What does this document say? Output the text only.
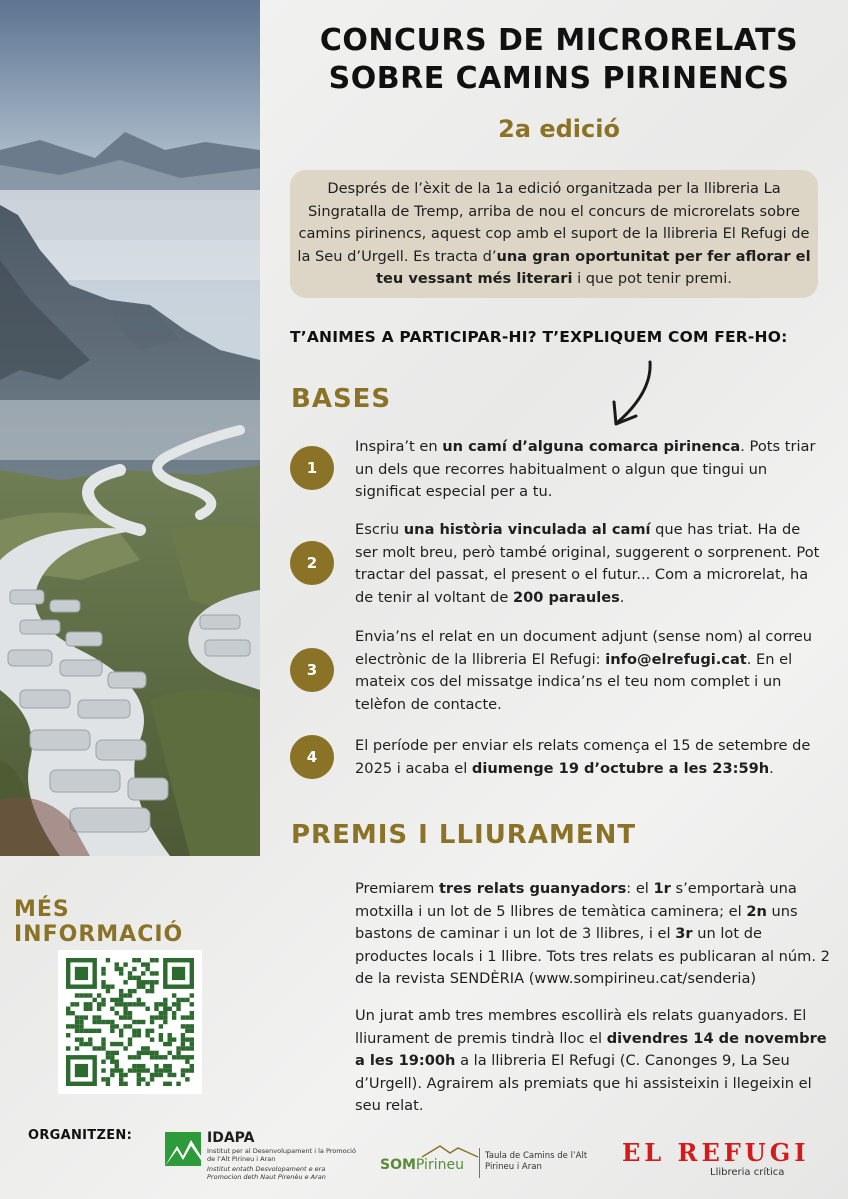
CONCURS DE MICRORELATS
SOBRE CAMINS PIRINENCS
2a edició
Després de l’èxit de la 1a edició organitzada per la llibreria La Singratalla de Tremp, arriba de nou el concurs de microrelats sobre camins pirinencs, aquest cop amb el suport de la llibreria El Refugi de la Seu d’Urgell. Es tracta d’una gran oportunitat per fer aflorar el teu vessant més literari i que pot tenir premi.
T’ANIMES A PARTICIPAR-HI? T’EXPLIQUEM COM FER-HO:
BASES
1
Inspira’t en un camí d’alguna comarca pirinenca. Pots triar un dels que recorres habitualment o algun que tingui un significat especial per a tu.
2
Escriu una història vinculada al camí que has triat. Ha de ser molt breu, però també original, suggerent o sorprenent. Pot tractar del passat, el present o el futur... Com a microrelat, ha de tenir al voltant de 200 paraules.
3
Envia’ns el relat en un document adjunt (sense nom) al correu electrònic de la llibreria El Refugi: info@elrefugi.cat. En el mateix cos del missatge indica’ns el teu nom complet i un telèfon de contacte.
4
El període per enviar els relats comença el 15 de setembre de 2025 i acaba el diumenge 19 d’octubre a les 23:59h.
PREMIS I LLIURAMENT
Premiarem tres relats guanyadors: el 1r s’emportarà una motxilla i un lot de 5 llibres de temàtica caminera; el 2n uns bastons de caminar i un lot de 3 llibres, i el 3r un lot de productes locals i 1 llibre. Tots tres relats es publicaran al núm. 2 de la revista SENDÈRIA (www.sompirineu.cat/senderia)
Un jurat amb tres membres escollirà els relats guanyadors. El lliurament de premis tindrà lloc el divendres 14 de novembre a les 19:00h a la llibreria El Refugi (C. Canonges 9, La Seu d’Urgell). Agrairem als premiats que hi assisteixin i llegeixin el seu relat.
MÉS INFORMACIÓ
ORGANITZEN:	IDAPA
Institut per al Desenvolupament i la Promoció de l’Alt Pirineu i Aran
Institut entath Desvolopament e era Promocion deth Naut Pirenèu e Aran
SOMPirineu
Taula de Camins de l’Alt Pirineu i Aran	EL REFUGI
Llibreria crítica
